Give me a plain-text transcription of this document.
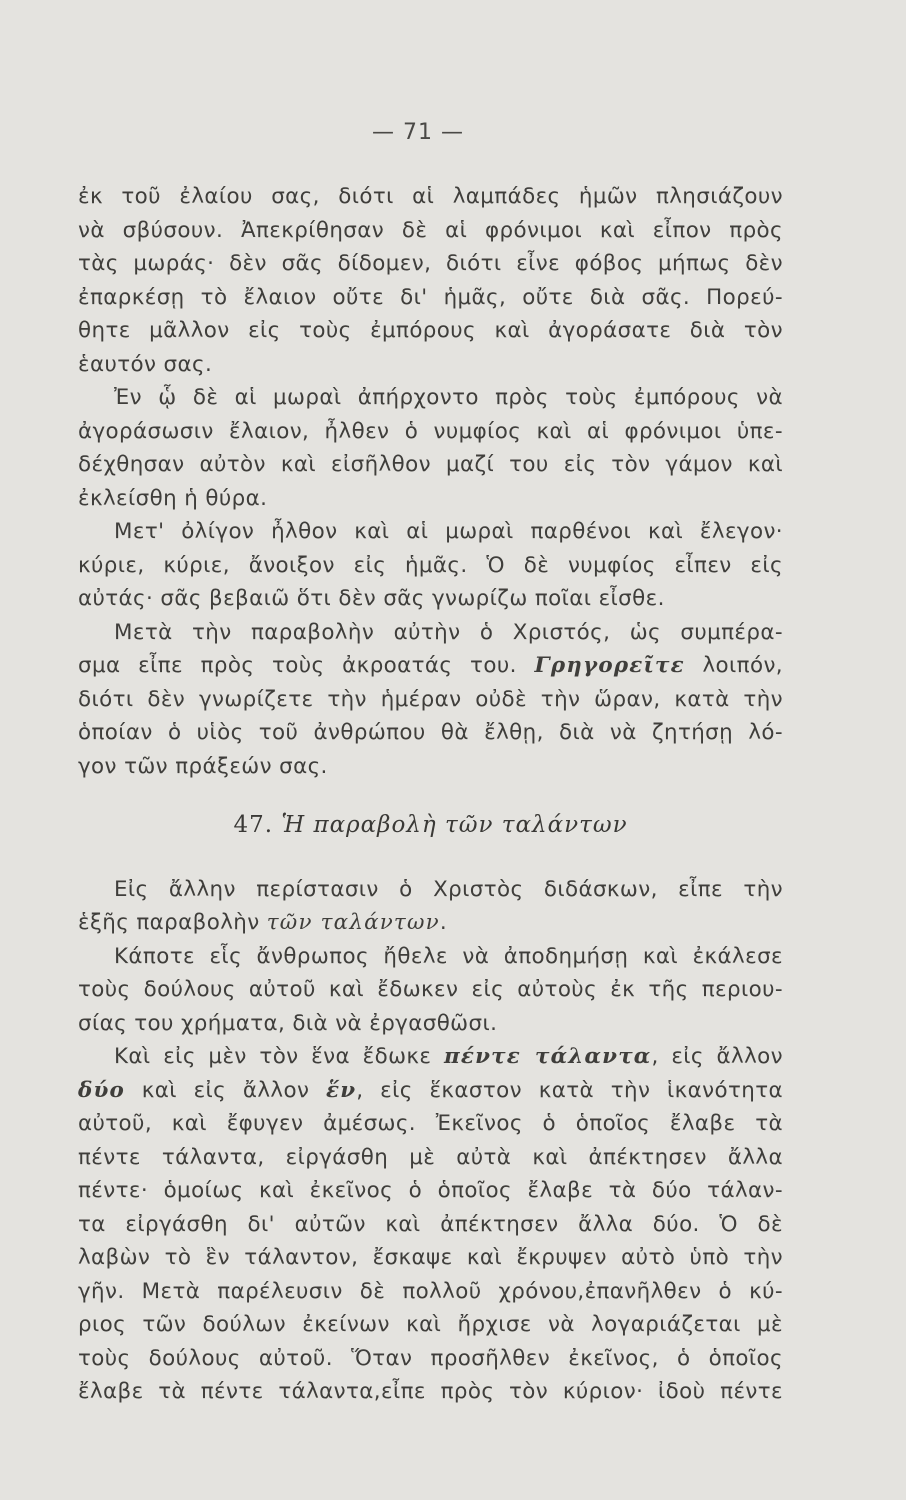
— 71 —
ἐκ τοῦ ἐλαίου σας, διότι αἱ λαμπάδες ἡμῶν πλησιάζουν
νὰ σβύσουν. Ἀπεκρίθησαν δὲ αἱ φρόνιμοι καὶ εἶπον πρὸς
τὰς μωράς· δὲν σᾶς δίδομεν, διότι εἶνε φόβος μήπως δὲν
ἐπαρκέσῃ τὸ ἔλαιον οὔτε δι' ἡμᾶς, οὔτε διὰ σᾶς. Πορεύ-
θητε μᾶλλον εἰς τοὺς ἐμπόρους καὶ ἀγοράσατε διὰ τὸν
ἑαυτόν σας.
Ἐν ᾧ δὲ αἱ μωραὶ ἀπήρχοντο πρὸς τοὺς ἐμπόρους νὰ
ἀγοράσωσιν ἔλαιον, ἦλθεν ὁ νυμφίος καὶ αἱ φρόνιμοι ὑπε-
δέχθησαν αὐτὸν καὶ εἰσῆλθον μαζί του εἰς τὸν γάμον καὶ
ἐκλείσθη ἡ θύρα.
Μετ' ὀλίγον ἦλθον καὶ αἱ μωραὶ παρθένοι καὶ ἔλεγον·
κύριε, κύριε, ἄνοιξον εἰς ἡμᾶς. Ὁ δὲ νυμφίος εἶπεν εἰς
αὐτάς· σᾶς βεβαιῶ ὅτι δὲν σᾶς γνωρίζω ποῖαι εἶσθε.
Μετὰ τὴν παραβολὴν αὐτὴν ὁ Χριστός, ὡς συμπέρα-
σμα εἶπε πρὸς τοὺς ἀκροατάς του. Γρηγορεῖτε λοιπόν,
διότι δὲν γνωρίζετε τὴν ἡμέραν οὐδὲ τὴν ὥραν, κατὰ τὴν
ὁποίαν ὁ υἱὸς τοῦ ἀνθρώπου θὰ ἔλθῃ, διὰ νὰ ζητήσῃ λό-
γον τῶν πράξεών σας.
47. Ἡ παραβολὴ τῶν ταλάντων
Εἰς ἄλλην περίστασιν ὁ Χριστὸς διδάσκων, εἶπε τὴν
ἑξῆς παραβολὴν τῶν ταλάντων.
Κάποτε εἷς ἄνθρωπος ἤθελε νὰ ἀποδημήσῃ καὶ ἐκάλεσε
τοὺς δούλους αὐτοῦ καὶ ἔδωκεν εἰς αὐτοὺς ἐκ τῆς περιου-
σίας του χρήματα, διὰ νὰ ἐργασθῶσι.
Καὶ εἰς μὲν τὸν ἕνα ἔδωκε πέντε τάλαντα, εἰς ἄλλον
δύο καὶ εἰς ἄλλον ἕν, εἰς ἕκαστον κατὰ τὴν ἱκανότητα
αὐτοῦ, καὶ ἔφυγεν ἀμέσως. Ἐκεῖνος ὁ ὁποῖος ἔλαβε τὰ
πέντε τάλαντα, εἰργάσθη μὲ αὐτὰ καὶ ἀπέκτησεν ἄλλα
πέντε· ὁμοίως καὶ ἐκεῖνος ὁ ὁποῖος ἔλαβε τὰ δύο τάλαν-
τα εἰργάσθη δι' αὐτῶν καὶ ἀπέκτησεν ἄλλα δύο. Ὁ δὲ
λαβὼν τὸ ἓν τάλαντον, ἔσκαψε καὶ ἔκρυψεν αὐτὸ ὑπὸ τὴν
γῆν. Μετὰ παρέλευσιν δὲ πολλοῦ χρόνου,ἐπανῆλθεν ὁ κύ-
ριος τῶν δούλων ἐκείνων καὶ ἤρχισε νὰ λογαριάζεται μὲ
τοὺς δούλους αὐτοῦ. Ὅταν προσῆλθεν ἐκεῖνος, ὁ ὁποῖος
ἔλαβε τὰ πέντε τάλαντα,εἶπε πρὸς τὸν κύριον· ἰδοὺ πέντε
